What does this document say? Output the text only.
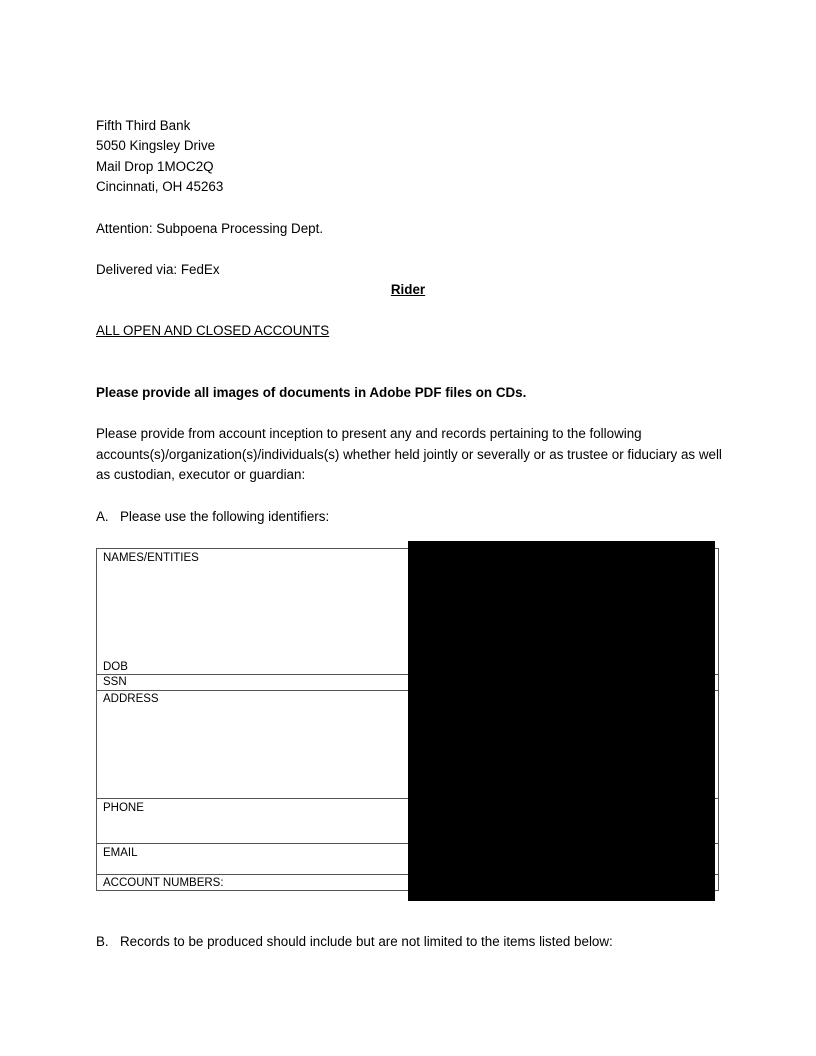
Fifth Third Bank
5050 Kingsley Drive
Mail Drop 1MOC2Q
Cincinnati, OH 45263
Attention: Subpoena Processing Dept.
Delivered via: FedEx
Rider
ALL OPEN AND CLOSED ACCOUNTS
Please provide all images of documents in Adobe PDF files on CDs.
Please provide from account inception to present any and records pertaining to the following accounts(s)/organization(s)/individuals(s) whether held jointly or severally or as trustee or fiduciary as well as custodian, executor or guardian:
A. Please use the following identifiers:
NAMES/ENTITIES
DOB	

SSN	

ADDRESS	

PHONE	

EMAIL	

ACCOUNT NUMBERS:	

B. Records to be produced should include but are not limited to the items listed below:
